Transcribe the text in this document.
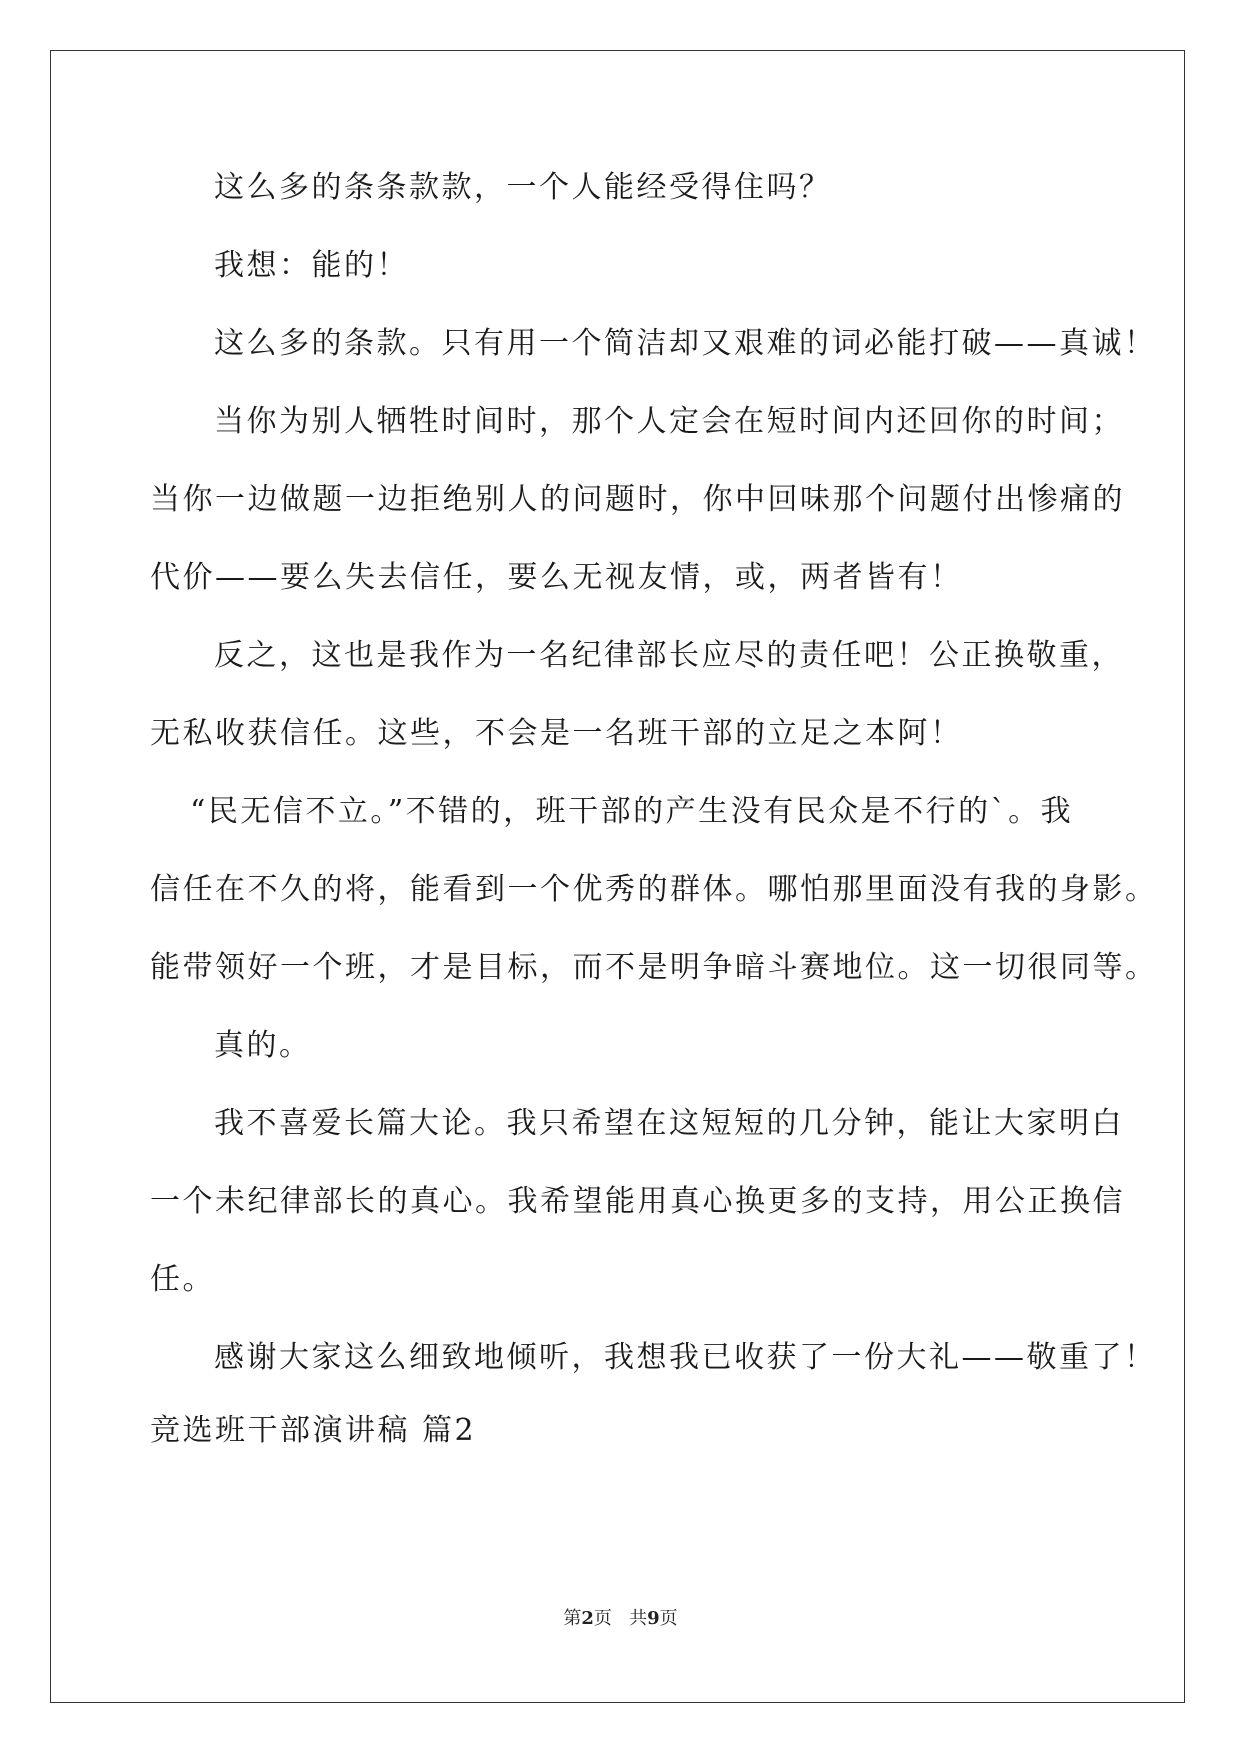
这么多的条条款款，一个人能经受得住吗？
我想：能的！
这么多的条款。只有用一个简洁却又艰难的词必能打破——真诚！
当你为别人牺牲时间时，那个人定会在短时间内还回你的时间；
当你一边做题一边拒绝别人的问题时，你中回味那个问题付出惨痛的
代价——要么失去信任，要么无视友情，或，两者皆有！
反之，这也是我作为一名纪律部长应尽的责任吧！公正换敬重，
无私收获信任。这些，不会是一名班干部的立足之本阿！
“民无信不立。”不错的，班干部的产生没有民众是不行的`。我
信任在不久的将，能看到一个优秀的群体。哪怕那里面没有我的身影。
能带领好一个班，才是目标，而不是明争暗斗赛地位。这一切很同等。
真的。
我不喜爱长篇大论。我只希望在这短短的几分钟，能让大家明白
一个未纪律部长的真心。我希望能用真心换更多的支持，用公正换信
任。
感谢大家这么细致地倾听，我想我已收获了一份大礼——敬重了！
竞选班干部演讲稿 篇2
第2页 共9页
